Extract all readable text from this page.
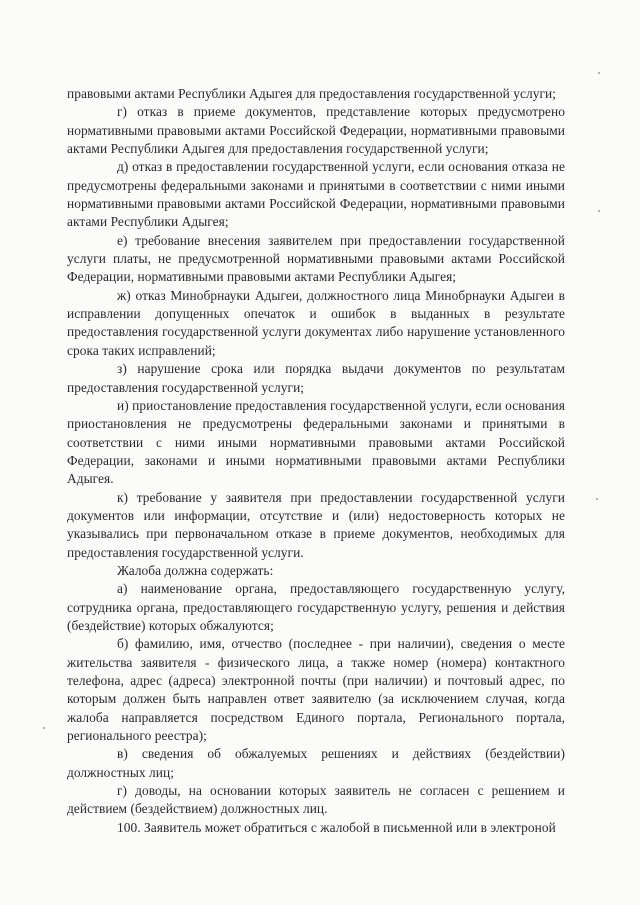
правовыми актами Республики Адыгея для предоставления государственной услуги;

г) отказ в приеме документов, представление которых предусмотрено нормативными правовыми актами Российской Федерации, нормативными правовыми актами Республики Адыгея для предоставления государственной услуги;

д) отказ в предоставлении государственной услуги, если основания отказа не предусмотрены федеральными законами и принятыми в соответствии с ними иными нормативными правовыми актами Российской Федерации, нормативными правовыми актами Республики Адыгея;

е) требование внесения заявителем при предоставлении государственной услуги платы, не предусмотренной нормативными правовыми актами Российской Федерации, нормативными правовыми актами Республики Адыгея;

ж) отказ Минобрнауки Адыгеи, должностного лица Минобрнауки Адыгеи в исправлении допущенных опечаток и ошибок в выданных в результате предоставления государственной услуги документах либо нарушение установленного срока таких исправлений;

з) нарушение срока или порядка выдачи документов по результатам предоставления государственной услуги;

и) приостановление предоставления государственной услуги, если основания приостановления не предусмотрены федеральными законами и принятыми в соответствии с ними иными нормативными правовыми актами Российской Федерации, законами и иными нормативными правовыми актами Республики Адыгея.

к) требование у заявителя при предоставлении государственной услуги документов или информации, отсутствие и (или) недостоверность которых не указывались при первоначальном отказе в приеме документов, необходимых для предоставления государственной услуги.

Жалоба должна содержать:

а) наименование органа, предоставляющего государственную услугу, сотрудника органа, предоставляющего государственную услугу, решения и действия (бездействие) которых обжалуются;

б) фамилию, имя, отчество (последнее - при наличии), сведения о месте жительства заявителя - физического лица, а также номер (номера) контактного телефона, адрес (адреса) электронной почты (при наличии) и почтовый адрес, по которым должен быть направлен ответ заявителю (за исключением случая, когда жалоба направляется посредством Единого портала, Регионального портала, регионального реестра);

в) сведения об обжалуемых решениях и действиях (бездействии) должностных лиц;

г) доводы, на основании которых заявитель не согласен с решением и действием (бездействием) должностных лиц.

100. Заявитель может обратиться с жалобой в письменной или в электроной
